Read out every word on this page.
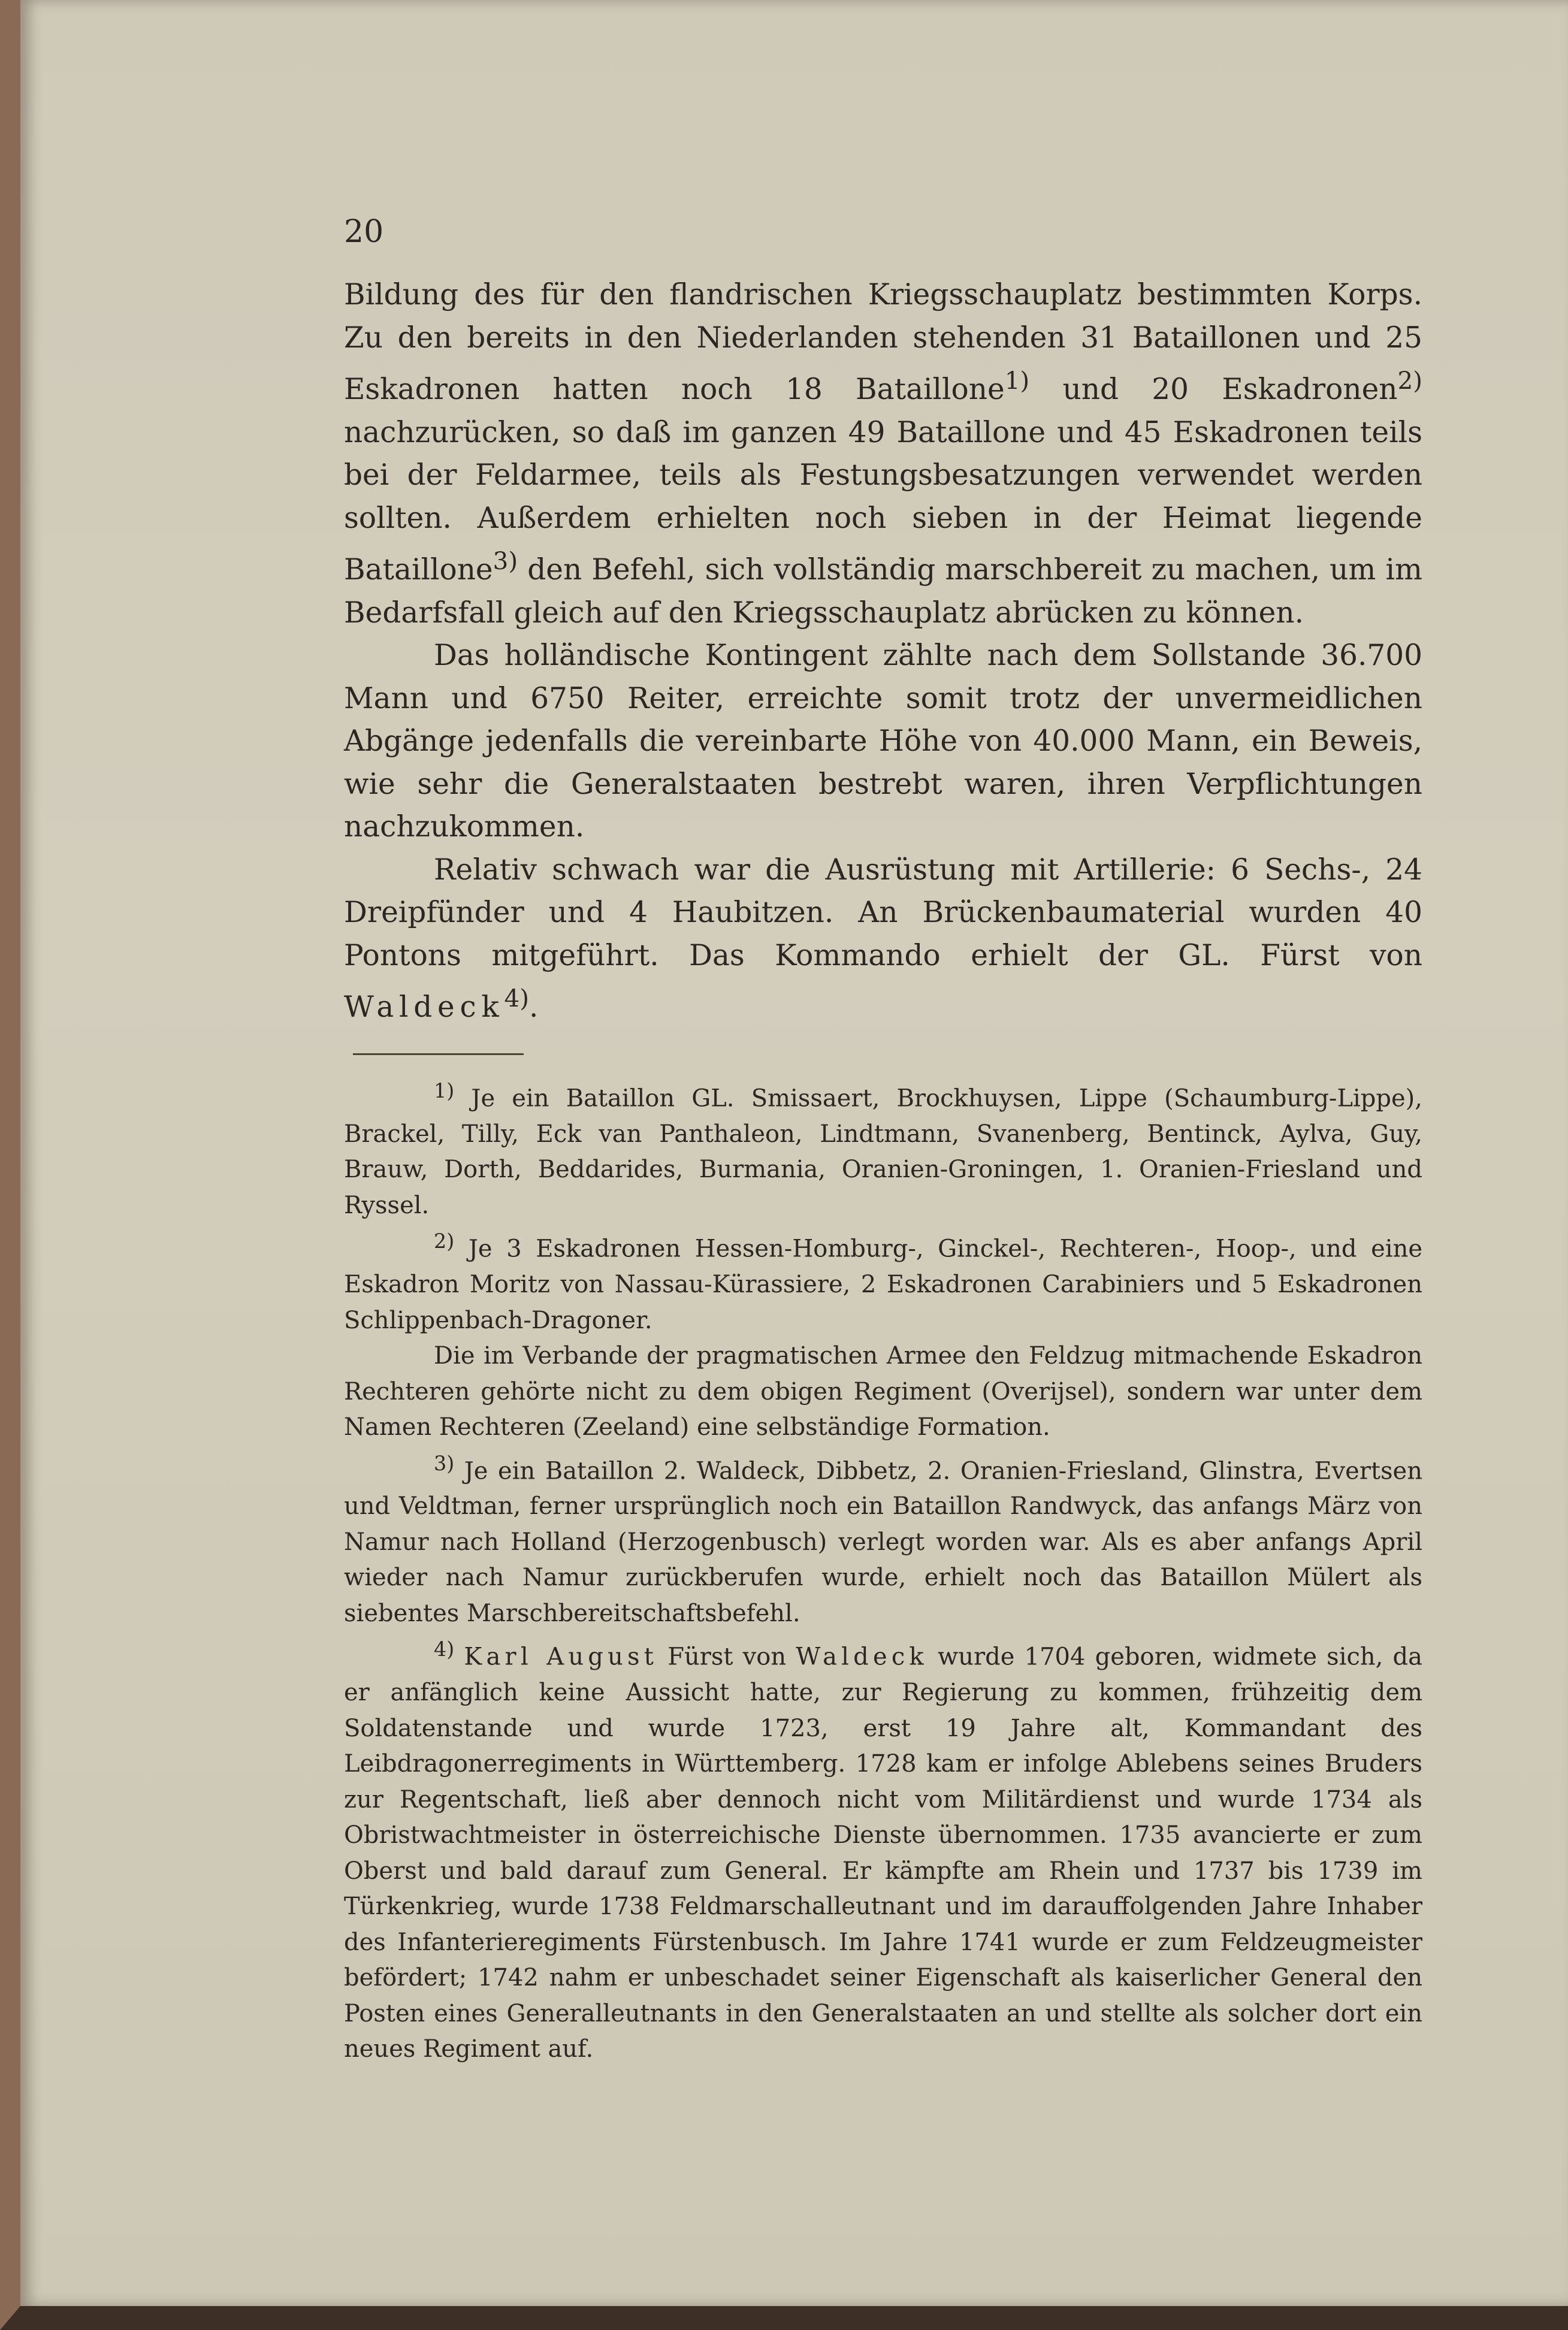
20

Bildung des für den flandrischen Kriegsschauplatz bestimmten Korps. Zu den bereits in den Niederlanden stehenden 31 Bataillonen und 25 Eskadronen hatten noch 18 Bataillone$^{1)}$ und 20 Eskadronen$^{2)}$ nachzurücken, so daß im ganzen 49 Bataillone und 45 Eskadronen teils bei der Feldarmee, teils als Festungsbesatzungen verwendet werden sollten. Außerdem erhielten noch sieben in der Heimat liegende Bataillone$^{3)}$ den Befehl, sich vollständig marschbereit zu machen, um im Bedarfsfall gleich auf den Kriegsschauplatz abrücken zu können.

Das holländische Kontingent zählte nach dem Sollstande 36.700 Mann und 6750 Reiter, erreichte somit trotz der unvermeidlichen Abgänge jedenfalls die vereinbarte Höhe von 40.000 Mann, ein Beweis, wie sehr die Generalstaaten bestrebt waren, ihren Verpflichtungen nachzukommen.

Relativ schwach war die Ausrüstung mit Artillerie: 6 Sechs-, 24 Dreipfünder und 4 Haubitzen. An Brückenbaumaterial wurden 40 Pontons mitgeführt. Das Kommando erhielt der GL. Fürst von Waldeck$^{4)}$.

$^{1)}$ Je ein Bataillon GL. Smissaert, Brockhuysen, Lippe (Schaumburg-Lippe), Brackel, Tilly, Eck van Panthaleon, Lindtmann, Svanenberg, Bentinck, Aylva, Guy, Brauw, Dorth, Beddarides, Burmania, Oranien-Groningen, 1. Oranien-Friesland und Ryssel.

$^{2)}$ Je 3 Eskadronen Hessen-Homburg-, Ginckel-, Rechteren-, Hoop-, und eine Eskadron Moritz von Nassau-Kürassiere, 2 Eskadronen Carabiniers und 5 Eskadronen Schlippenbach-Dragoner.

Die im Verbande der pragmatischen Armee den Feldzug mitmachende Eskadron Rechteren gehörte nicht zu dem obigen Regiment (Overijsel), sondern war unter dem Namen Rechteren (Zeeland) eine selbständige Formation.

$^{3)}$ Je ein Bataillon 2. Waldeck, Dibbetz, 2. Oranien-Friesland, Glinstra, Evertsen und Veldtman, ferner ursprünglich noch ein Bataillon Randwyck, das anfangs März von Namur nach Holland (Herzogenbusch) verlegt worden war. Als es aber anfangs April wieder nach Namur zurückberufen wurde, erhielt noch das Bataillon Mülert als siebentes Marschbereitschaftsbefehl.

$^{4)}$ Karl August Fürst von Waldeck wurde 1704 geboren, widmete sich, da er anfänglich keine Aussicht hatte, zur Regierung zu kommen, frühzeitig dem Soldatenstande und wurde 1723, erst 19 Jahre alt, Kommandant des Leibdragonerregiments in Württemberg. 1728 kam er infolge Ablebens seines Bruders zur Regentschaft, ließ aber dennoch nicht vom Militärdienst und wurde 1734 als Obristwachtmeister in österreichische Dienste übernommen. 1735 avancierte er zum Oberst und bald darauf zum General. Er kämpfte am Rhein und 1737 bis 1739 im Türkenkrieg, wurde 1738 Feldmarschalleutnant und im darauffolgenden Jahre Inhaber des Infanterieregiments Fürstenbusch. Im Jahre 1741 wurde er zum Feldzeugmeister befördert; 1742 nahm er unbeschadet seiner Eigenschaft als kaiserlicher General den Posten eines Generalleutnants in den Generalstaaten an und stellte als solcher dort ein neues Regiment auf.
